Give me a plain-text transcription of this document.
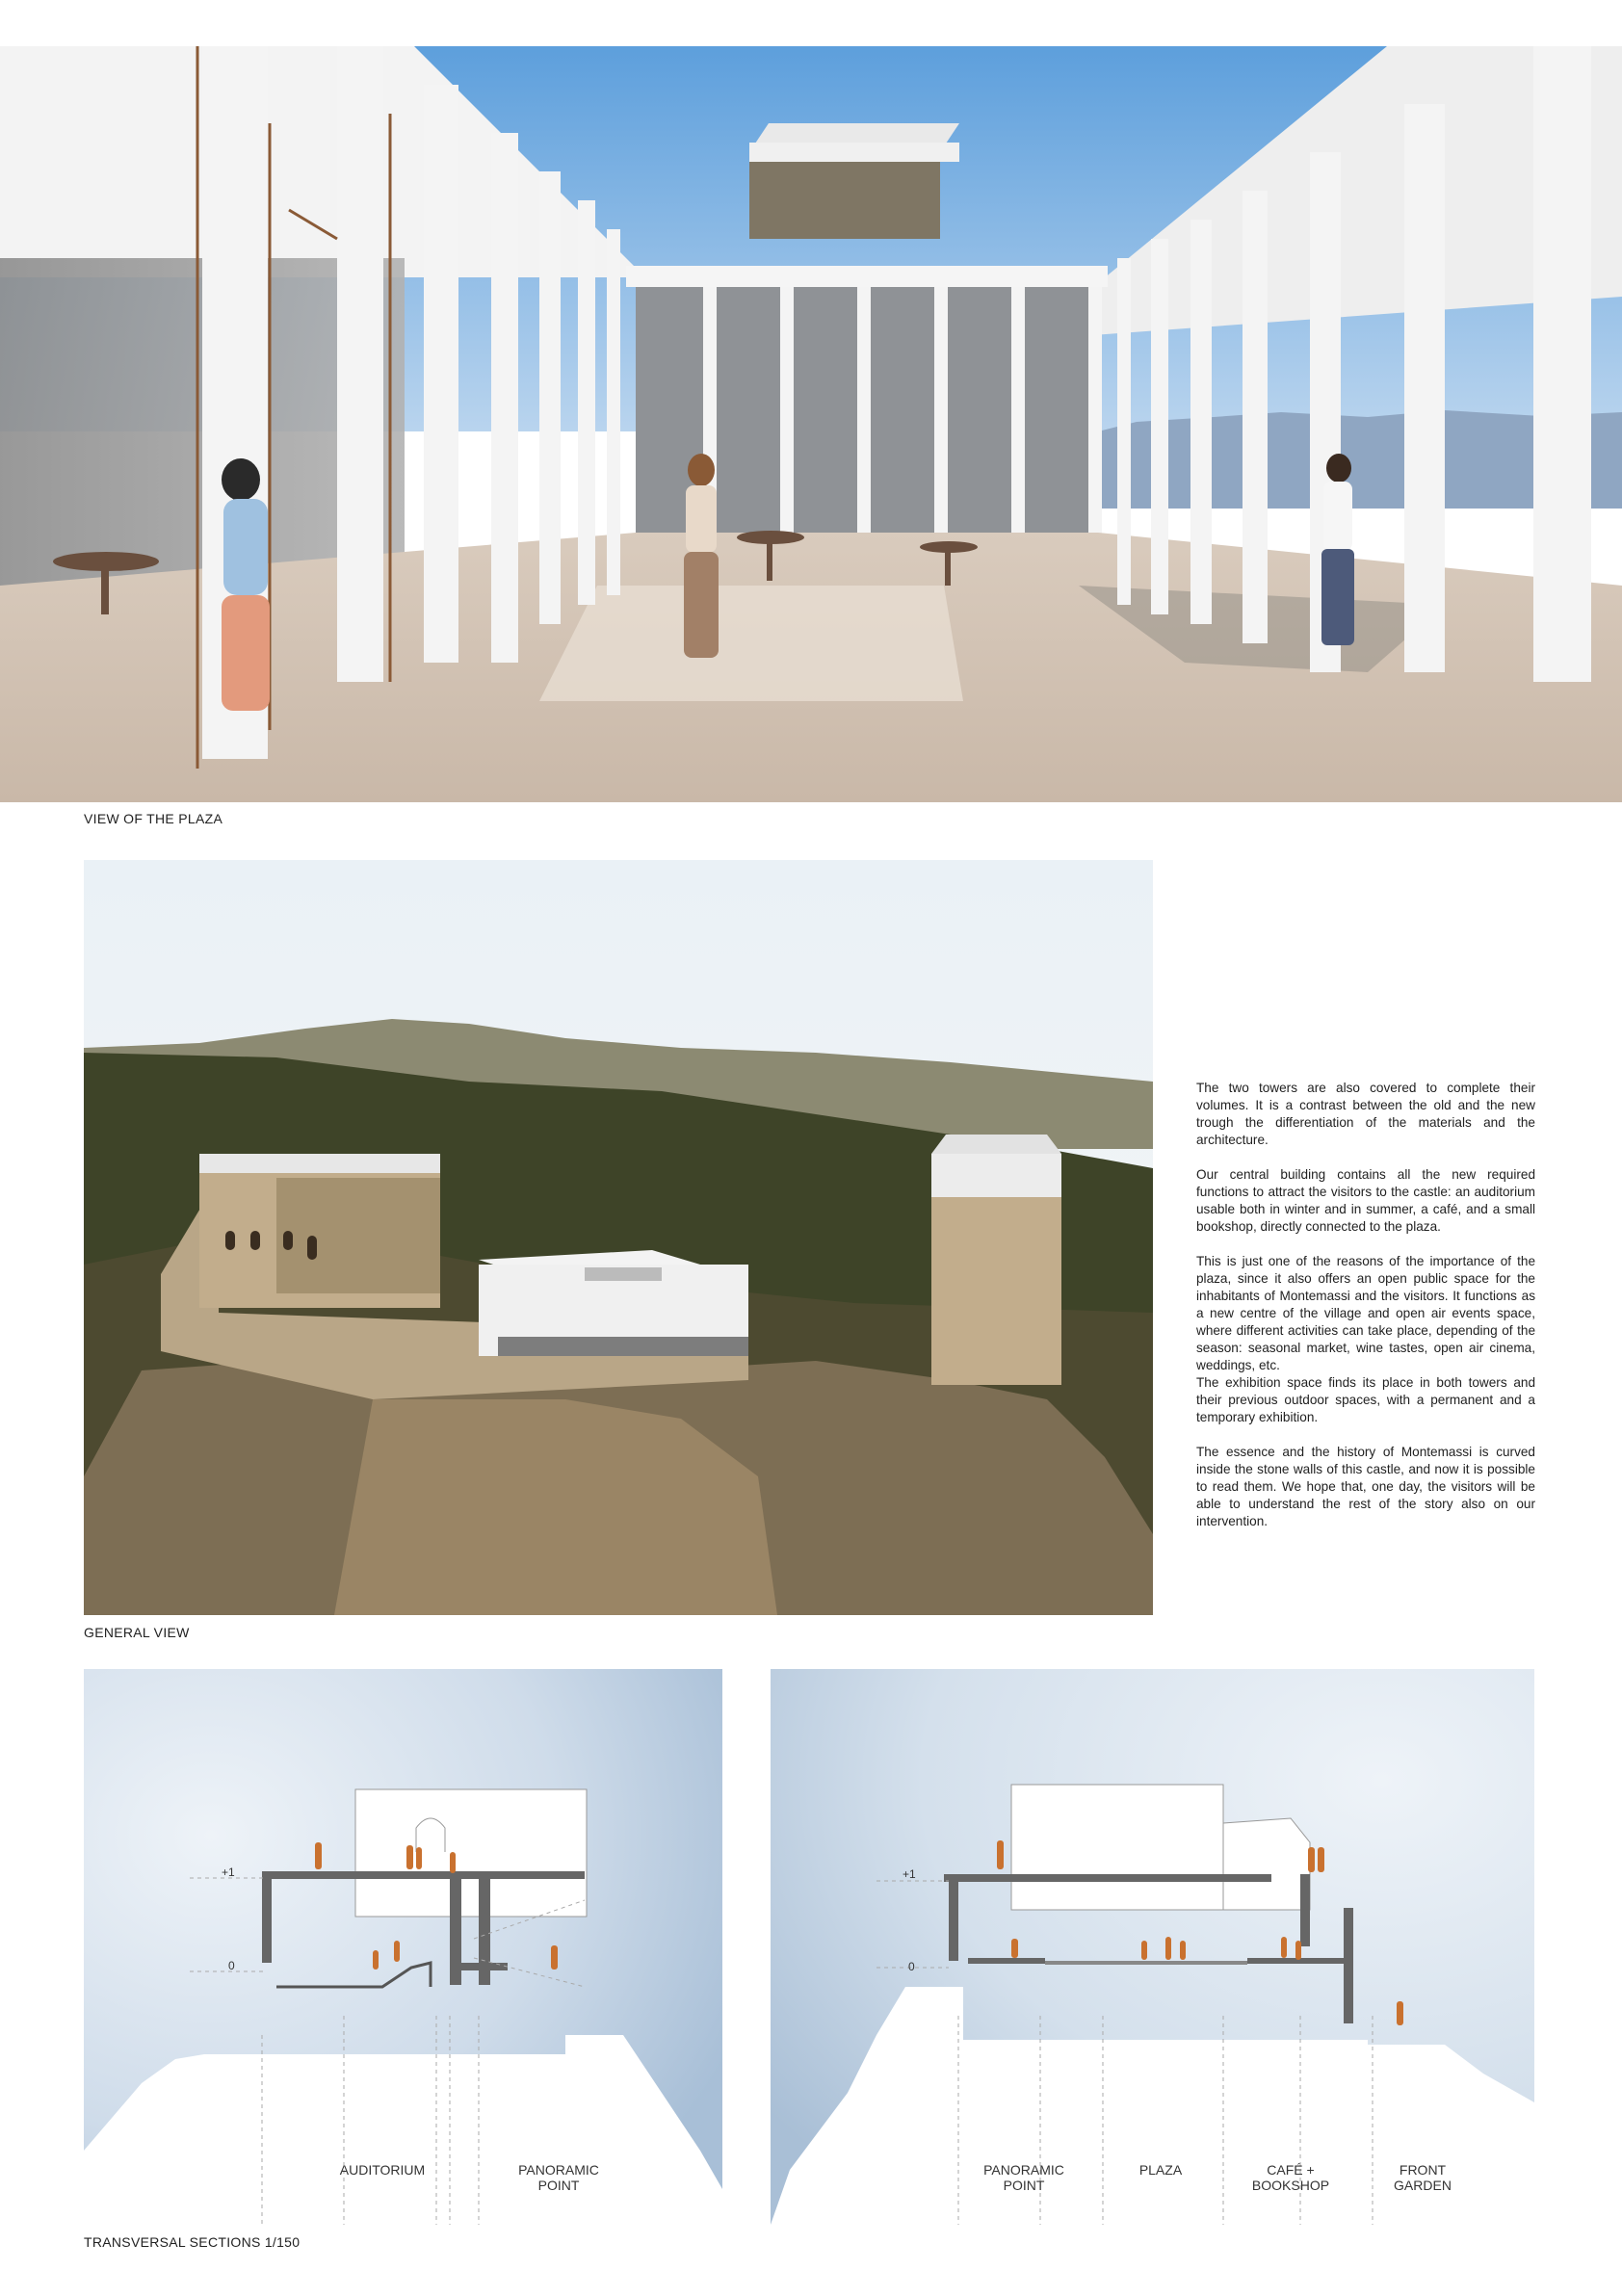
VIEW OF THE PLAZA
GENERAL VIEW

The two towers are also covered to complete their volumes. It is a contrast between the old and the new trough the differentiation of the materials and the architecture.

Our central building contains all the new required functions to attract the visitors to the castle: an auditorium usable both in winter and in summer, a café, and a small bookshop, directly connected to the plaza.

This is just one of the reasons of the importance of the plaza, since it also offers an open public space for the inhabitants of Montemassi and the visitors. It functions as a new centre of the village and open air events space, where different activities can take place, depending of the season: seasonal market, wine tastes, open air cinema, weddings, etc.

The exhibition space finds its place in both towers and their previous outdoor spaces, with a permanent and a temporary exhibition.

The essence and the history of Montemassi is curved inside the stone walls of this castle, and now it is possible to read them. We hope that, one day, the visitors will be able to understand the rest of the story also on our intervention.

+1
0
AUDITORIUM	PANORAMIC
POINT
+1
0
PANORAMIC
POINT
PLAZA	CAFÉ +
BOOKSHOP
FRONT
GARDEN
TRANSVERSAL SECTIONS 1/150
